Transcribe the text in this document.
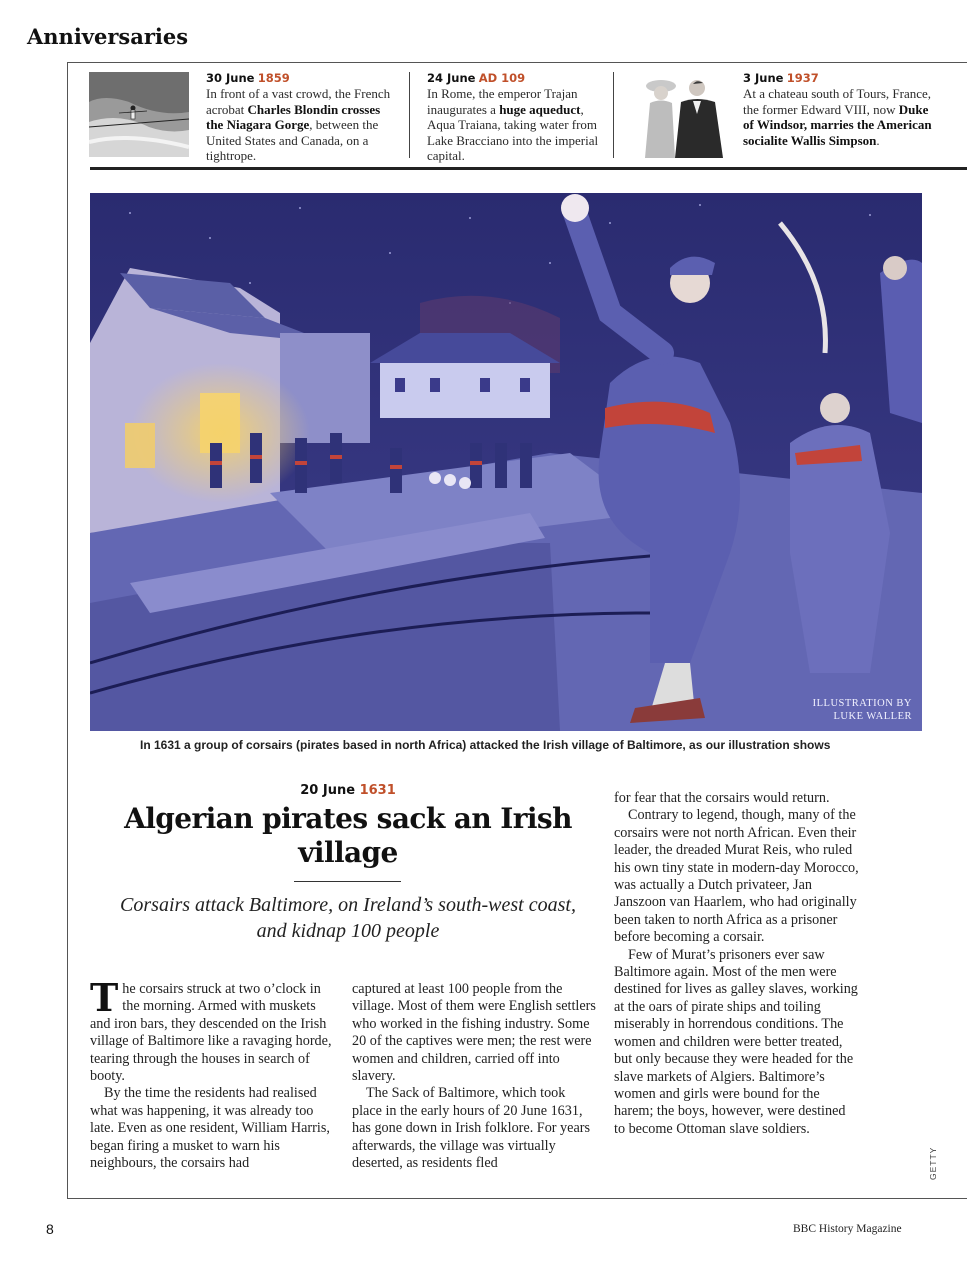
Anniversaries
30 June 1859
In front of a vast crowd, the French acrobat Charles Blondin crosses the Niagara Gorge, between the United States and Canada, on a tightrope.
24 June AD 109
In Rome, the emperor Trajan inaugurates a huge aqueduct, Aqua Traiana, taking water from Lake Bracciano into the imperial capital.
3 June 1937
At a chateau south of Tours, France, the former Edward VIII, now Duke of Windsor, marries the American socialite Wallis Simpson.
ILLUSTRATION BY
LUKE WALLER
In 1631 a group of corsairs (pirates based in north Africa) attacked the Irish village of Baltimore, as our illustration shows
20 June 1631
Algerian pirates sack an Irish village
Corsairs attack Baltimore, on Ireland’s south-west coast, and kidnap 100 people

The corsairs struck at two o’clock in the morning. Armed with muskets and iron bars, they descended on the Irish village of Baltimore like a ravaging horde, tearing through the houses in search of booty.

By the time the residents had realised what was happening, it was already too late. Even as one resident, William Harris, began firing a musket to warn his neighbours, the corsairs had

captured at least 100 people from the village. Most of them were English settlers who worked in the fishing industry. Some 20 of the captives were men; the rest were women and children, carried off into slavery.

The Sack of Baltimore, which took place in the early hours of 20 June 1631, has gone down in Irish folklore. For years afterwards, the village was virtually deserted, as residents fled

for fear that the corsairs would return.

Contrary to legend, though, many of the corsairs were not north African. Even their leader, the dreaded Murat Reis, who ruled his own tiny state in modern-day Morocco, was actually a Dutch privateer, Jan Janszoon van Haarlem, who had originally been taken to north Africa as a prisoner before becoming a corsair.

Few of Murat’s prisoners ever saw Baltimore again. Most of the men were destined for lives as galley slaves, working at the oars of pirate ships and toiling miserably in horrendous conditions. The women and children were better treated, but only because they were headed for the slave markets of Algiers. Baltimore’s women and girls were bound for the harem; the boys, however, were destined to become Ottoman slave soldiers.

GETTY
8	BBC History Magazine
